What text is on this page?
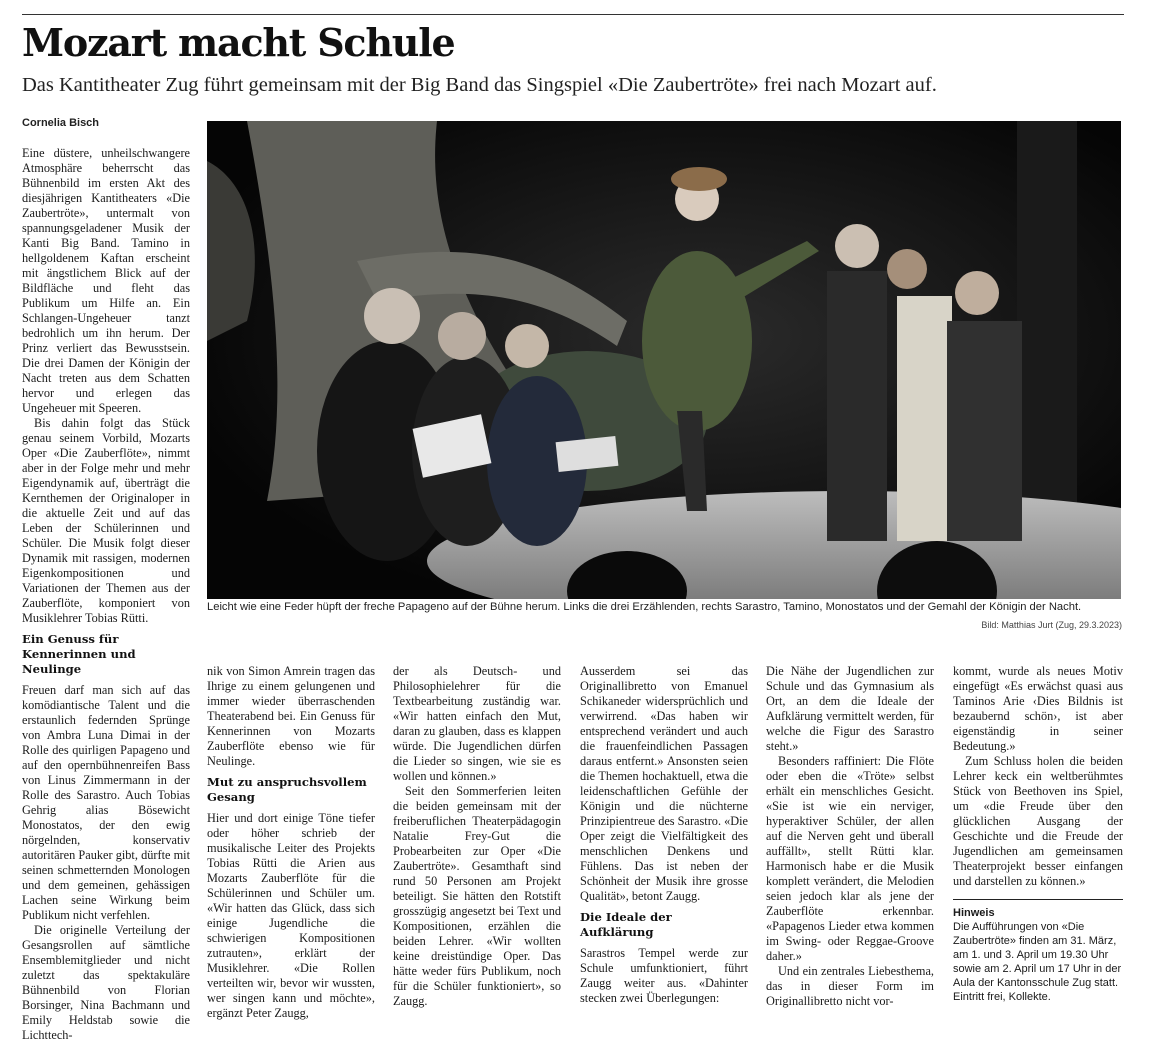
Mozart macht Schule

Das Kantitheater Zug führt gemeinsam mit der Big Band das Singspiel «Die Zaubertröte» frei nach Mozart auf.

Cornelia Bisch

Eine düstere, unheilschwangere Atmosphäre beherrscht das Bühnenbild im ersten Akt des diesjährigen Kantitheaters «Die Zaubertröte», untermalt von spannungsgeladener Musik der Kanti Big Band. Tamino in hellgoldenem Kaftan erscheint mit ängstlichem Blick auf der Bildfläche und fleht das Publikum um Hilfe an. Ein Schlangen-Ungeheuer tanzt bedrohlich um ihn herum. Der Prinz verliert das Bewusstsein. Die drei Damen der Königin der Nacht treten aus dem Schatten hervor und erlegen das Ungeheuer mit Speeren.

Bis dahin folgt das Stück genau seinem Vorbild, Mozarts Oper «Die Zauberflöte», nimmt aber in der Folge mehr und mehr Eigendynamik auf, überträgt die Kernthemen der Originaloper in die aktuelle Zeit und auf das Leben der Schülerinnen und Schüler. Die Musik folgt dieser Dynamik mit rassigen, modernen Eigenkompositionen und Variationen der Themen aus der Zauberflöte, komponiert von Musiklehrer Tobias Rütti.

Ein Genuss für Kennerinnen und Neulinge

Freuen darf man sich auf das komödiantische Talent und die erstaunlich federnden Sprünge von Ambra Luna Dimai in der Rolle des quirligen Papageno und auf den opernbühnenreifen Bass von Linus Zimmermann in der Rolle des Sarastro. Auch Tobias Gehrig alias Bösewicht Monostatos, der den ewig nörgelnden, konservativ autoritären Pauker gibt, dürfte mit seinen schmetternden Monologen und dem gemeinen, gehässigen Lachen seine Wirkung beim Publikum nicht verfehlen.

Die originelle Verteilung der Gesangsrollen auf sämtliche Ensemblemitglieder und nicht zuletzt das spektakuläre Bühnenbild von Florian Borsinger, Nina Bachmann und Emily Heldstab sowie die Lichttech-

Leicht wie eine Feder hüpft der freche Papageno auf der Bühne herum. Links die drei Erzählenden, rechts Sarastro, Tamino, Monostatos und der Gemahl der Königin der Nacht.
Bild: Matthias Jurt (Zug, 29.3.2023)

nik von Simon Amrein tragen das Ihrige zu einem gelungenen und immer wieder überraschenden Theaterabend bei. Ein Genuss für Kennerinnen von Mozarts Zauberflöte ebenso wie für Neulinge.

Mut zu anspruchsvollem Gesang

Hier und dort einige Töne tiefer oder höher schrieb der musikalische Leiter des Projekts Tobias Rütti die Arien aus Mozarts Zauberflöte für die Schülerinnen und Schüler um. «Wir hatten das Glück, dass sich einige Jugendliche die schwierigen Kompositionen zutrauten», erklärt der Musiklehrer. «Die Rollen verteilten wir, bevor wir wussten, wer singen kann und möchte», ergänzt Peter Zaugg,

der als Deutsch- und Philosophielehrer für die Textbearbeitung zuständig war. «Wir hatten einfach den Mut, daran zu glauben, dass es klappen würde. Die Jugendlichen dürfen die Lieder so singen, wie sie es wollen und können.»

Seit den Sommerferien leiten die beiden gemeinsam mit der freiberuflichen Theaterpädagogin Natalie Frey-Gut die Probearbeiten zur Oper «Die Zaubertröte». Gesamthaft sind rund 50 Personen am Projekt beteiligt. Sie hätten den Rotstift grosszügig angesetzt bei Text und Kompositionen, erzählen die beiden Lehrer. «Wir wollten keine dreistündige Oper. Das hätte weder fürs Publikum, noch für die Schüler funktioniert», so Zaugg.

Ausserdem sei das Originallibretto von Emanuel Schikaneder widersprüchlich und verwirrend. «Das haben wir entsprechend verändert und auch die frauenfeindlichen Passagen daraus entfernt.» Ansonsten seien die Themen hochaktuell, etwa die leidenschaftlichen Gefühle der Königin und die nüchterne Prinzipientreue des Sarastro. «Die Oper zeigt die Vielfältigkeit des menschlichen Denkens und Fühlens. Das ist neben der Schönheit der Musik ihre grosse Qualität», betont Zaugg.

Die Ideale der Aufklärung

Sarastros Tempel werde zur Schule umfunktioniert, führt Zaugg weiter aus. «Dahinter stecken zwei Überlegungen:

Die Nähe der Jugendlichen zur Schule und das Gymnasium als Ort, an dem die Ideale der Aufklärung vermittelt werden, für welche die Figur des Sarastro steht.»

Besonders raffiniert: Die Flöte oder eben die «Tröte» selbst erhält ein menschliches Gesicht. «Sie ist wie ein nerviger, hyperaktiver Schüler, der allen auf die Nerven geht und überall auffällt», stellt Rütti klar. Harmonisch habe er die Musik komplett verändert, die Melodien seien jedoch klar als jene der Zauberflöte erkennbar. «Papagenos Lieder etwa kommen im Swing- oder Reggae-Groove daher.»

Und ein zentrales Liebesthema, das in dieser Form im Originallibretto nicht vor-

kommt, wurde als neues Motiv eingefügt «Es erwächst quasi aus Taminos Arie ‹Dies Bildnis ist bezaubernd schön›, ist aber eigenständig in seiner Bedeutung.»

Zum Schluss holen die beiden Lehrer keck ein weltberühmtes Stück von Beethoven ins Spiel, um «die Freude über den glücklichen Ausgang der Geschichte und die Freude der Jugendlichen am gemeinsamen Theaterprojekt besser einfangen und darstellen zu können.»

Hinweis

Die Aufführungen von «Die Zaubertröte» finden am 31. März, am 1. und 3. April um 19.30 Uhr sowie am 2. April um 17 Uhr in der Aula der Kantonsschule Zug statt. Eintritt frei, Kollekte.
